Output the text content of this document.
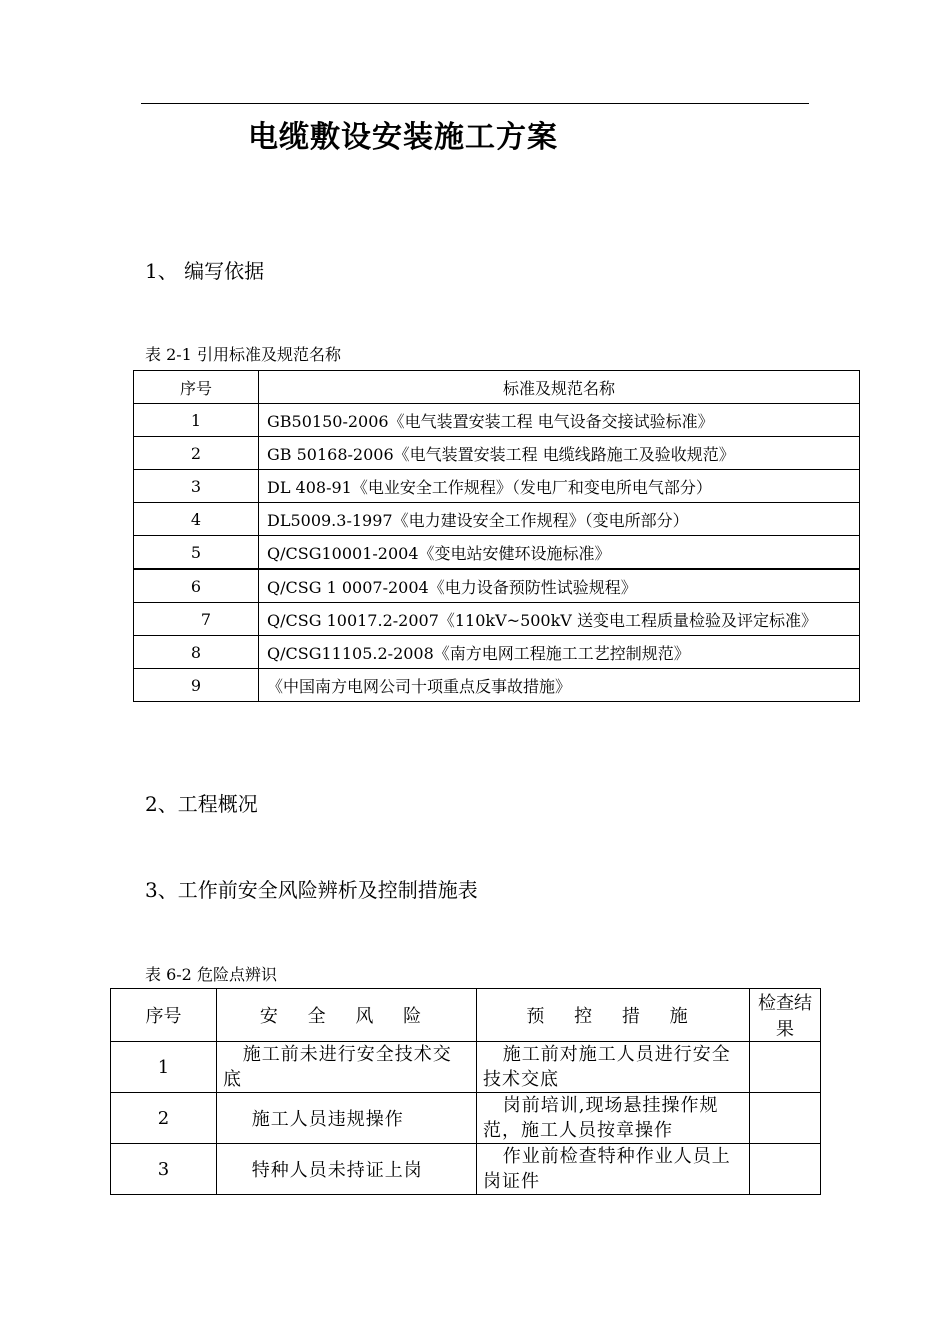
电缆敷设安装施工方案
1、 编写依据
表 2-1 引用标准及规范名称
序号	标准及规范名称
1	GB50150-2006《电气装置安装工程 电气设备交接试验标准》
2	GB 50168-2006《电气装置安装工程 电缆线路施工及验收规范》
3	DL 408-91《电业安全工作规程》（发电厂和变电所电气部分）
4	DL5009.3-1997《电力建设安全工作规程》（变电所部分）
5	Q/CSG10001-2004《变电站安健环设施标准》
6	Q/CSG 1 0007-2004《电力设备预防性试验规程》
7	Q/CSG 10017.2-2007《110kV~500kV 送变电工程质量检验及评定标准》
8	Q/CSG11105.2-2008《南方电网工程施工工艺控制规范》
9	《中国南方电网公司十项重点反事故措施》
2、工程概况
3、工作前安全风险辨析及控制措施表
表 6-2 危险点辨识
序号	安 全 风 险	预 控 措 施	检查结果
1	施工前未进行安全技术交底	施工前对施工人员进行安全技术交底	
2	施工人员违规操作	岗前培训,现场悬挂操作规范，施工人员按章操作	
3	特种人员未持证上岗	作业前检查特种作业人员上岗证件	
